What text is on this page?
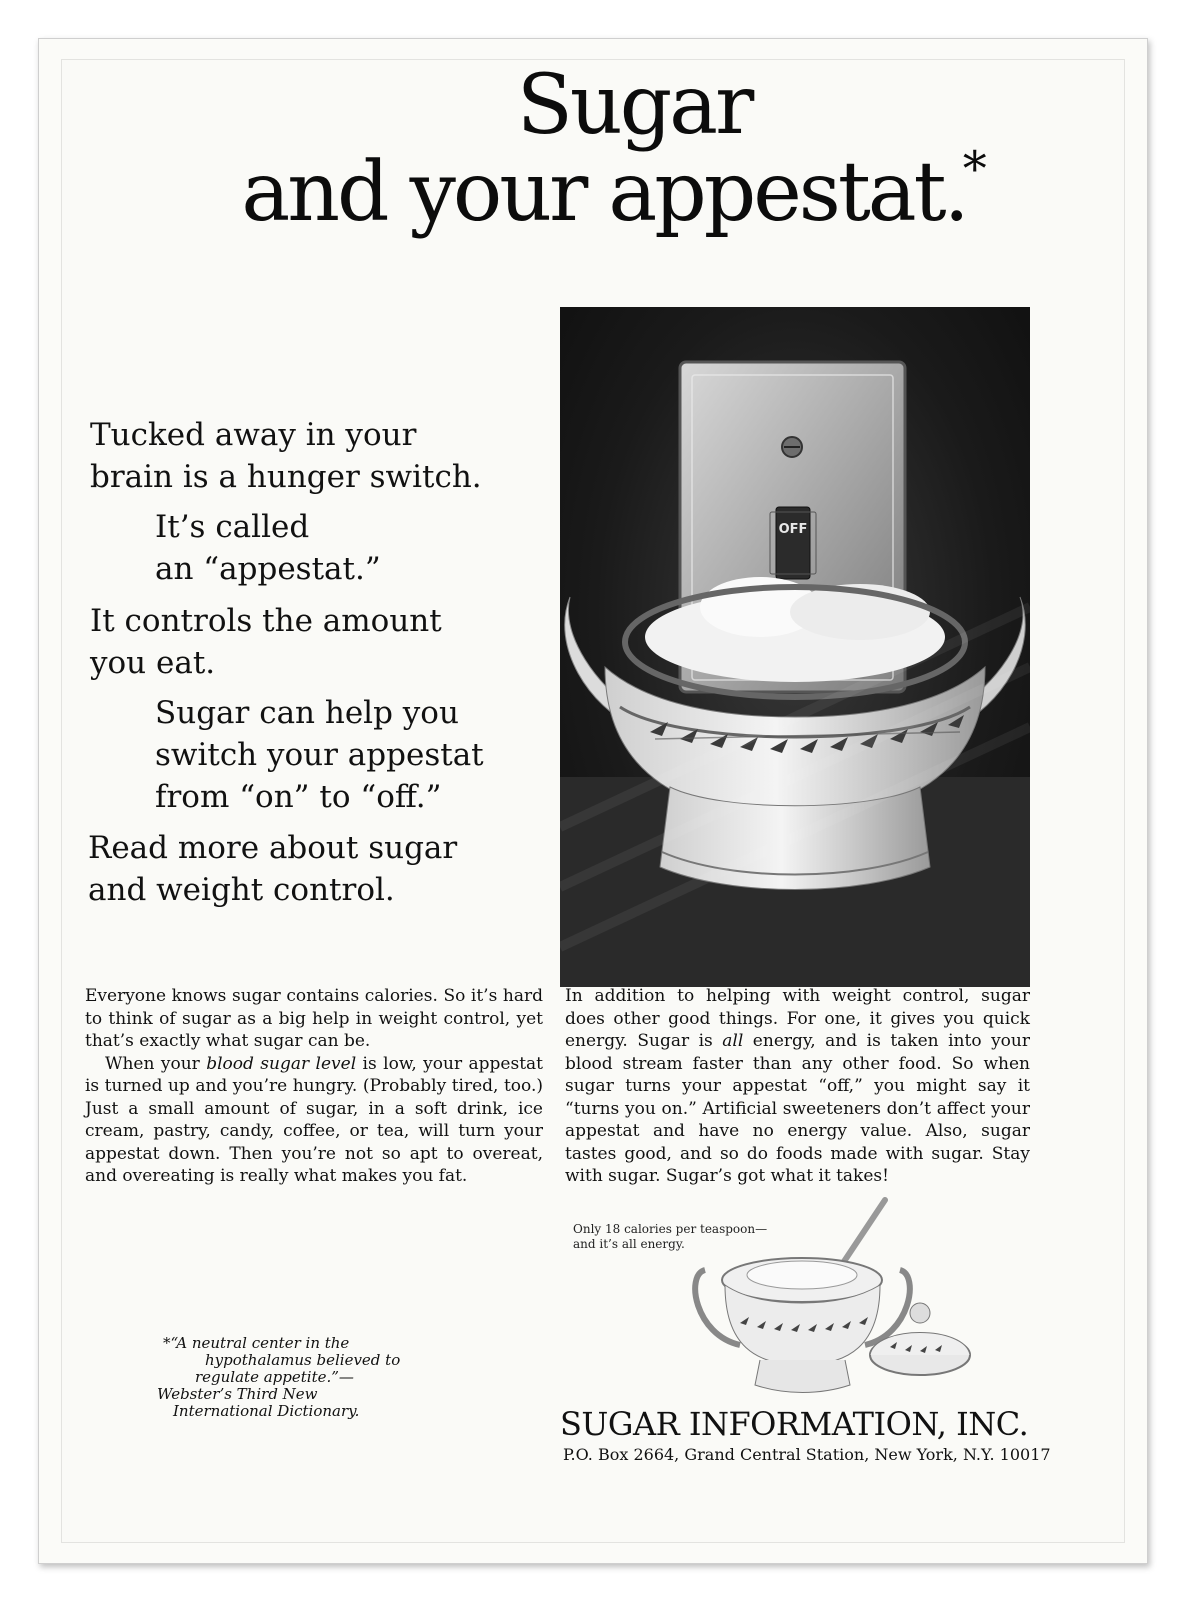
Sugar
and your appestat.*
OFF

Tucked away in your
brain is a hunger switch.

It’s called
an “appestat.”

It controls the amount
you eat.

Sugar can help you
switch your appestat
from “on” to “off.”

Read more about sugar
and weight control.

Everyone knows sugar contains calories. So it’s hard to think of sugar as a big help in weight control, yet that’s exactly what sugar can be.

When your blood sugar level is low, your appestat is turned up and you’re hungry. (Probably tired, too.) Just a small amount of sugar, in a soft drink, ice cream, pastry, candy, coffee, or tea, will turn your appestat down. Then you’re not so apt to overeat, and overeating is really what makes you fat.

In addition to helping with weight control, sugar does other good things. For one, it gives you quick energy. Sugar is all energy, and is taken into your blood stream faster than any other food. So when sugar turns your appestat “off,” you might say it “turns you on.” Artificial sweeteners don’t affect your appestat and have no energy value. Also, sugar tastes good, and so do foods made with sugar. Stay with sugar. Sugar’s got what it takes!

Only 18 calories per teaspoon—
and it’s all energy.
*“A neutral center in the
hypothalamus believed to
regulate appetite.”—
Webster’s Third New
International Dictionary.	SUGAR INFORMATION, INC.
P.O. Box 2664, Grand Central Station, New York, N.Y. 10017
